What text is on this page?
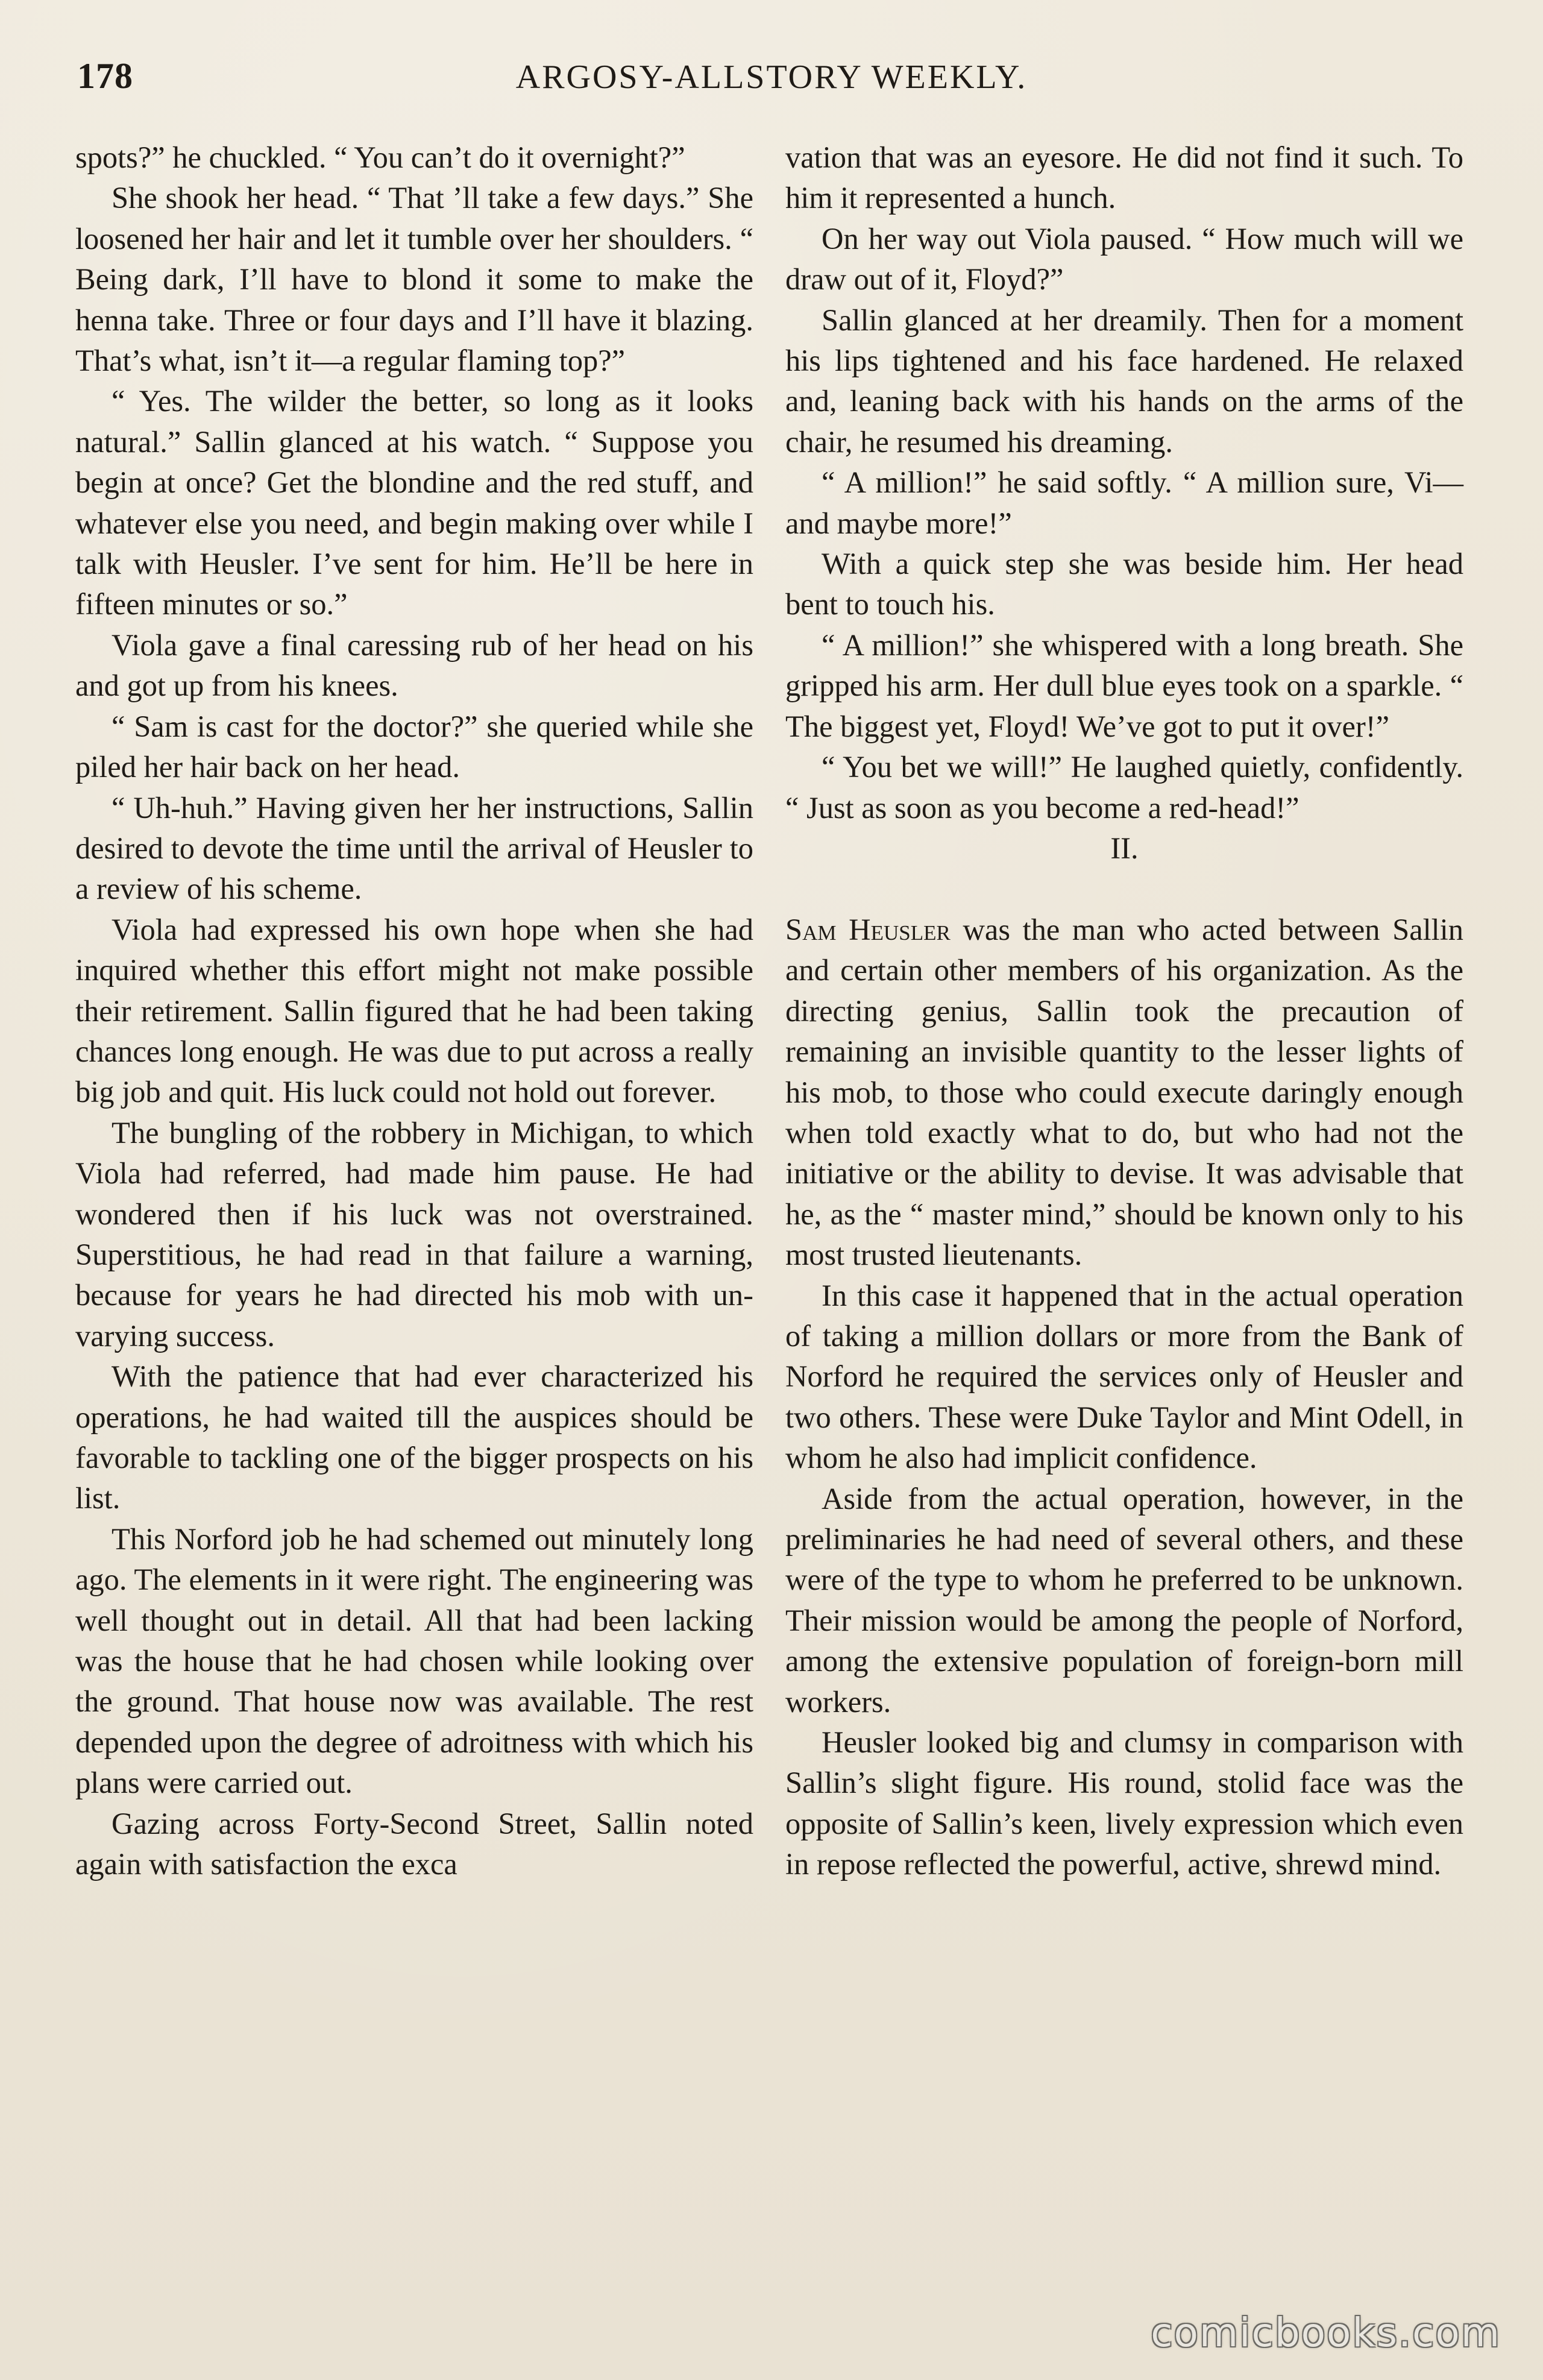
178	ARGOSY-ALLSTORY WEEKLY.

spots?” he chuckled. “ You can’t do it overnight?”

She shook her head. “ That ’ll take a few days.” She loosened her hair and let it tumble over her shoulders. “ Being dark, I’ll have to blond it some to make the henna take. Three or four days and I’ll have it blazing. That’s what, isn’t it—a regular flaming top?”

“ Yes. The wilder the better, so long as it looks natural.” Sallin glanced at his watch. “ Suppose you begin at once? Get the blondine and the red stuff, and whatever else you need, and begin making over while I talk with Heusler. I’ve sent for him. He’ll be here in fifteen minutes or so.”

Viola gave a final caressing rub of her head on his and got up from his knees.

“ Sam is cast for the doctor?” she queried while she piled her hair back on her head.

“ Uh-huh.” Having given her her instructions, Sallin desired to devote the time until the arrival of Heusler to a review of his scheme.

Viola had expressed his own hope when she had inquired whether this effort might not make possible their retirement. Sallin figured that he had been taking chances long enough. He was due to put across a really big job and quit. His luck could not hold out forever.

The bungling of the robbery in Michigan, to which Viola had referred, had made him pause. He had wondered then if his luck was not overstrained. Superstitious, he had read in that failure a warning, because for years he had directed his mob with unvarying success.

With the patience that had ever characterized his operations, he had waited till the auspices should be favorable to tackling one of the bigger prospects on his list.

This Norford job he had schemed out minutely long ago. The elements in it were right. The engineering was well thought out in detail. All that had been lacking was the house that he had chosen while looking over the ground. That house now was available. The rest depended upon the degree of adroitness with which his plans were carried out.

Gazing across Forty-Second Street, Sallin noted again with satisfaction the exca

vation that was an eyesore. He did not find it such. To him it represented a hunch.

On her way out Viola paused. “ How much will we draw out of it, Floyd?”

Sallin glanced at her dreamily. Then for a moment his lips tightened and his face hardened. He relaxed and, leaning back with his hands on the arms of the chair, he resumed his dreaming.

“ A million!” he said softly. “ A million sure, Vi—and maybe more!”

With a quick step she was beside him. Her head bent to touch his.

“ A million!” she whispered with a long breath. She gripped his arm. Her dull blue eyes took on a sparkle. “ The biggest yet, Floyd! We’ve got to put it over!”

“ You bet we will!” He laughed quietly, confidently. “ Just as soon as you become a red-head!”

II.

Sam Heusler was the man who acted between Sallin and certain other members of his organization. As the directing genius, Sallin took the precaution of remaining an invisible quantity to the lesser lights of his mob, to those who could execute daringly enough when told exactly what to do, but who had not the initiative or the ability to devise. It was advisable that he, as the “ master mind,” should be known only to his most trusted lieutenants.

In this case it happened that in the actual operation of taking a million dollars or more from the Bank of Norford he required the services only of Heusler and two others. These were Duke Taylor and Mint Odell, in whom he also had implicit confidence.

Aside from the actual operation, however, in the preliminaries he had need of several others, and these were of the type to whom he preferred to be unknown. Their mission would be among the people of Norford, among the extensive population of foreign-born mill workers.

Heusler looked big and clumsy in comparison with Sallin’s slight figure. His round, stolid face was the opposite of Sallin’s keen, lively expression which even in repose reflected the powerful, active, shrewd mind.

comicbooks.com
